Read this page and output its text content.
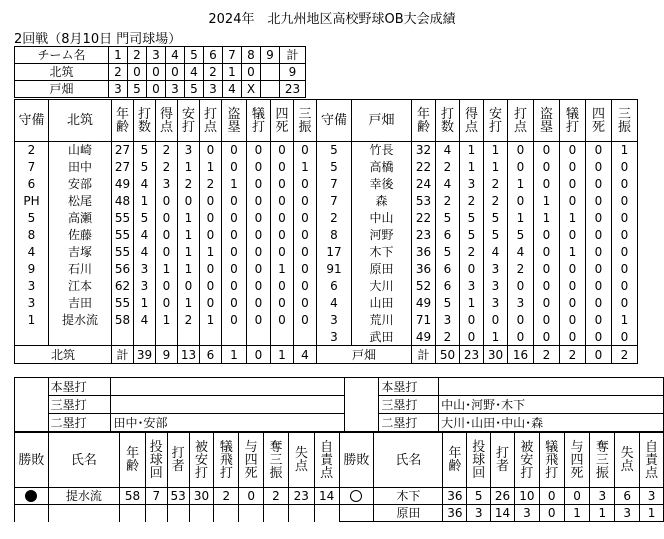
2024年　北九州地区高校野球OB大会成績
2回戦（8月10日 門司球場）
チーム名	1	2	3	4	5	6	7	8	9	計
北筑	2	0	0	0	4	2	1	0		9
戸畑	3	5	0	3	5	3	4	X		23
守備	北筑	年齢	打数	得点	安打	打点	盗塁	犠打	四死	三振	守備	戸畑	年齢	打数	得点	安打	打点	盗塁	犠打	四死	三振
2	山崎	27	5	2	3	0	0	0	0	0	5	竹長	32	4	1	1	0	0	0	0	1
7	田中	27	5	2	1	1	0	0	0	1	5	高橋	22	2	1	1	0	0	0	0	0
6	安部	49	4	3	2	2	1	0	0	0	7	幸後	24	4	3	2	1	0	0	0	0
PH	松尾	48	1	0	0	0	0	0	0	0	7	森	53	2	2	2	0	1	0	0	0
5	高瀬	55	5	0	1	0	0	0	0	0	2	中山	22	5	5	5	1	1	1	0	0
8	佐藤	55	4	0	1	0	0	0	0	0	8	河野	23	6	5	5	5	0	0	0	0
4	吉塚	55	4	0	1	1	0	0	0	0	17	木下	36	5	2	4	4	0	1	0	0
9	石川	56	3	1	1	0	0	0	1	0	91	原田	36	6	0	3	2	0	0	0	0
3	江本	62	3	0	0	0	0	0	0	0	6	大川	52	6	3	3	0	0	0	0	0
3	吉田	55	1	0	1	0	0	0	0	0	4	山田	49	5	1	3	3	0	0	0	0
1	提水流	58	4	1	2	1	0	0	0	0	3	荒川	71	3	0	0	0	0	0	0	1
											3	武田	49	2	0	1	0	0	0	0	0
北筑		計	39	9	13	6	1	0	1	4	戸畑		計	50	23	30	16	2	2	0	2
	本塁打			本塁打	
	三塁打			三塁打	中山･河野･木下
	二塁打	田中･安部		二塁打	大川･山田･中山･森
勝敗	氏名	年齢	投球回	打者	被安打	犠飛打	与四死	奪三振	失点	自責点	勝敗	氏名	年齢	投球回	打者	被安打	犠飛打	与四死	奪三振	失点	自責点
	提水流	58	7	53	30	2	0	2	23	14		木下	36	5	26	10	0	0	3	6	3
												原田	36	3	14	3	0	1	1	3	1
